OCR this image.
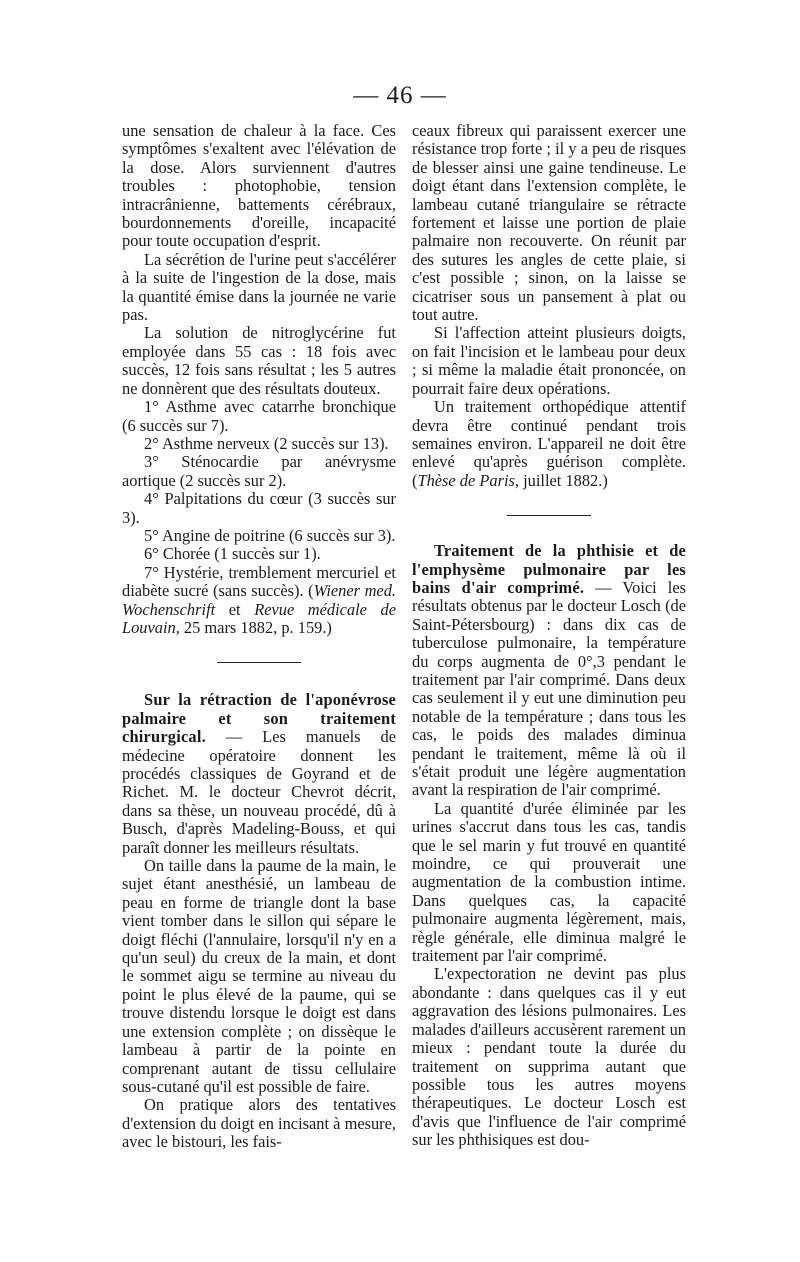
— 46 —

une sensation de chaleur à la face. Ces symptômes s'exaltent avec l'élévation de la dose. Alors surviennent d'autres troubles : photophobie, tension intracrânienne, battements cérébraux, bourdonnements d'oreille, incapacité pour toute occupation d'esprit.

La sécrétion de l'urine peut s'accélérer à la suite de l'ingestion de la dose, mais la quantité émise dans la journée ne varie pas.

La solution de nitroglycérine fut employée dans 55 cas : 18 fois avec succès, 12 fois sans résultat ; les 5 autres ne donnèrent que des résultats douteux.

1° Asthme avec catarrhe bronchique (6 succès sur 7).

2° Asthme nerveux (2 succès sur 13).

3° Sténocardie par anévrysme aortique (2 succès sur 2).

4° Palpitations du cœur (3 succès sur 3).

5° Angine de poitrine (6 succès sur 3).

6° Chorée (1 succès sur 1).

7° Hystérie, tremblement mercuriel et diabète sucré (sans succès). (Wiener med. Wochenschrift et Revue médicale de Louvain, 25 mars 1882, p. 159.)

Sur la rétraction de l'aponévrose palmaire et son traitement chirurgical. — Les manuels de médecine opératoire donnent les procédés classiques de Goyrand et de Richet. M. le docteur Chevrot décrit, dans sa thèse, un nouveau procédé, dû à Busch, d'après Madeling-Bouss, et qui paraît donner les meilleurs résultats.

On taille dans la paume de la main, le sujet étant anesthésié, un lambeau de peau en forme de triangle dont la base vient tomber dans le sillon qui sépare le doigt fléchi (l'annulaire, lorsqu'il n'y en a qu'un seul) du creux de la main, et dont le sommet aigu se termine au niveau du point le plus élevé de la paume, qui se trouve distendu lorsque le doigt est dans une extension complète ; on dissèque le lambeau à partir de la pointe en comprenant autant de tissu cellulaire sous-cutané qu'il est possible de faire.

On pratique alors des tentatives d'extension du doigt en incisant à mesure, avec le bistouri, les fais-

ceaux fibreux qui paraissent exercer une résistance trop forte ; il y a peu de risques de blesser ainsi une gaine tendineuse. Le doigt étant dans l'extension complète, le lambeau cutané triangulaire se rétracte fortement et laisse une portion de plaie palmaire non recouverte. On réunit par des sutures les angles de cette plaie, si c'est possible ; sinon, on la laisse se cicatriser sous un pansement à plat ou tout autre.

Si l'affection atteint plusieurs doigts, on fait l'incision et le lambeau pour deux ; si même la maladie était prononcée, on pourrait faire deux opérations.

Un traitement orthopédique attentif devra être continué pendant trois semaines environ. L'appareil ne doit être enlevé qu'après guérison complète. (Thèse de Paris, juillet 1882.)

Traitement de la phthisie et de l'emphysème pulmonaire par les bains d'air comprimé. — Voici les résultats obtenus par le docteur Losch (de Saint-Pétersbourg) : dans dix cas de tuberculose pulmonaire, la température du corps augmenta de 0°,3 pendant le traitement par l'air comprimé. Dans deux cas seulement il y eut une diminution peu notable de la température ; dans tous les cas, le poids des malades diminua pendant le traitement, même là où il s'était produit une légère augmentation avant la respiration de l'air comprimé.

La quantité d'urée éliminée par les urines s'accrut dans tous les cas, tandis que le sel marin y fut trouvé en quantité moindre, ce qui prouverait une augmentation de la combustion intime. Dans quelques cas, la capacité pulmonaire augmenta légèrement, mais, règle générale, elle diminua malgré le traitement par l'air comprimé.

L'expectoration ne devint pas plus abondante : dans quelques cas il y eut aggravation des lésions pulmonaires. Les malades d'ailleurs accusèrent rarement un mieux : pendant toute la durée du traitement on supprima autant que possible tous les autres moyens thérapeutiques. Le docteur Losch est d'avis que l'influence de l'air comprimé sur les phthisiques est dou-
